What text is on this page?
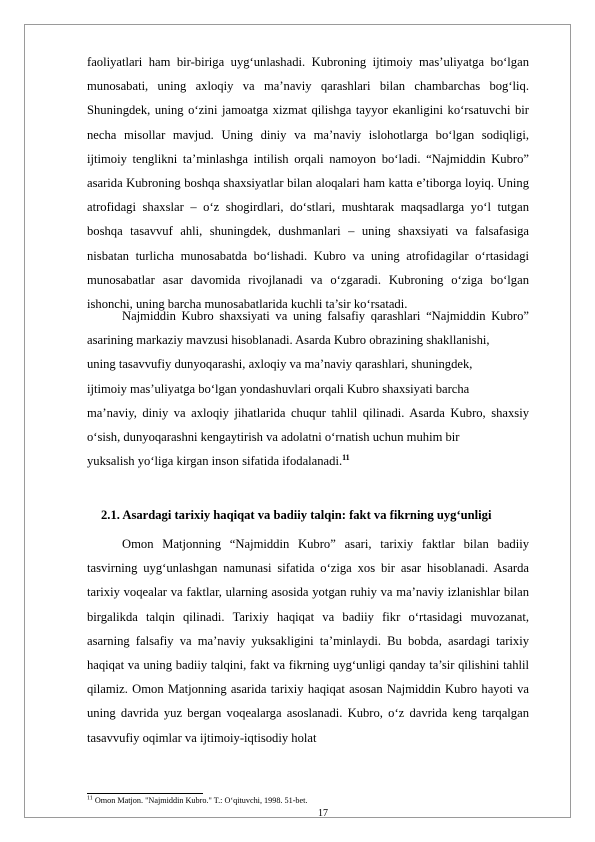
faoliyatlari ham bir-biriga uyg‘unlashadi. Kubroning ijtimoiy mas’uliyatga bo‘lgan munosabati, uning axloqiy va ma’naviy qarashlari bilan chambarchas bog‘liq. Shuningdek, uning o‘zini jamoatga xizmat qilishga tayyor ekanligini ko‘rsatuvchi bir necha misollar mavjud. Uning diniy va ma’naviy islohotlarga bo‘lgan sodiqligi, ijtimoiy tenglikni ta’minlashga intilish orqali namoyon bo‘ladi. “Najmiddin Kubro” asarida Kubroning boshqa shaxsiyatlar bilan aloqalari ham katta e’tiborga loyiq. Uning atrofidagi shaxslar – o‘z shogirdlari, do‘stlari, mushtarak maqsadlarga yo‘l tutgan boshqa tasavvuf ahli, shuningdek, dushmanlari – uning shaxsiyati va falsafasiga nisbatan turlicha munosabatda bo‘lishadi. Kubro va uning atrofidagilar o‘rtasidagi munosabatlar asar davomida rivojlanadi va o‘zgaradi. Kubroning o‘ziga bo‘lgan ishonchi, uning barcha munosabatlarida kuchli ta’sir ko‘rsatadi.
Najmiddin Kubro shaxsiyati va uning falsafiy qarashlari “Najmiddin Kubro”
asarining markaziy mavzusi hisoblanadi. Asarda Kubro obrazining shakllanishi,
uning tasavvufiy dunyoqarashi, axloqiy va ma’naviy qarashlari, shuningdek,
ijtimoiy mas’uliyatga bo‘lgan yondashuvlari orqali Kubro shaxsiyati barcha
ma’naviy, diniy va axloqiy jihatlarida chuqur tahlil qilinadi. Asarda Kubro, shaxsiy
o‘sish, dunyoqarashni kengaytirish va adolatni o‘rnatish uchun muhim bir
yuksalish yo‘liga kirgan inson sifatida ifodalanadi.$^{11}$
2.1. Asardagi tarixiy haqiqat va badiiy talqin: fakt va fikrning uyg‘unligi
Omon Matjonning “Najmiddin Kubro” asari, tarixiy faktlar bilan badiiy tasvirning uyg‘unlashgan namunasi sifatida o‘ziga xos bir asar hisoblanadi. Asarda tarixiy voqealar va faktlar, ularning asosida yotgan ruhiy va ma’naviy izlanishlar bilan birgalikda talqin qilinadi. Tarixiy haqiqat va badiiy fikr o‘rtasidagi muvozanat, asarning falsafiy va ma’naviy yuksakligini ta’minlaydi. Bu bobda, asardagi tarixiy haqiqat va uning badiiy talqini, fakt va fikrning uyg‘unligi qanday ta’sir qilishini tahlil qilamiz. Omon Matjonning asarida tarixiy haqiqat asosan Najmiddin Kubro hayoti va uning davrida yuz bergan voqealarga asoslanadi. Kubro, o‘z davrida keng tarqalgan tasavvufiy oqimlar va ijtimoiy-iqtisodiy holat
$^{11}$ Omon Matjon. "Najmiddin Kubro." T.: O‘qituvchi, 1998. 51-bet.
17
